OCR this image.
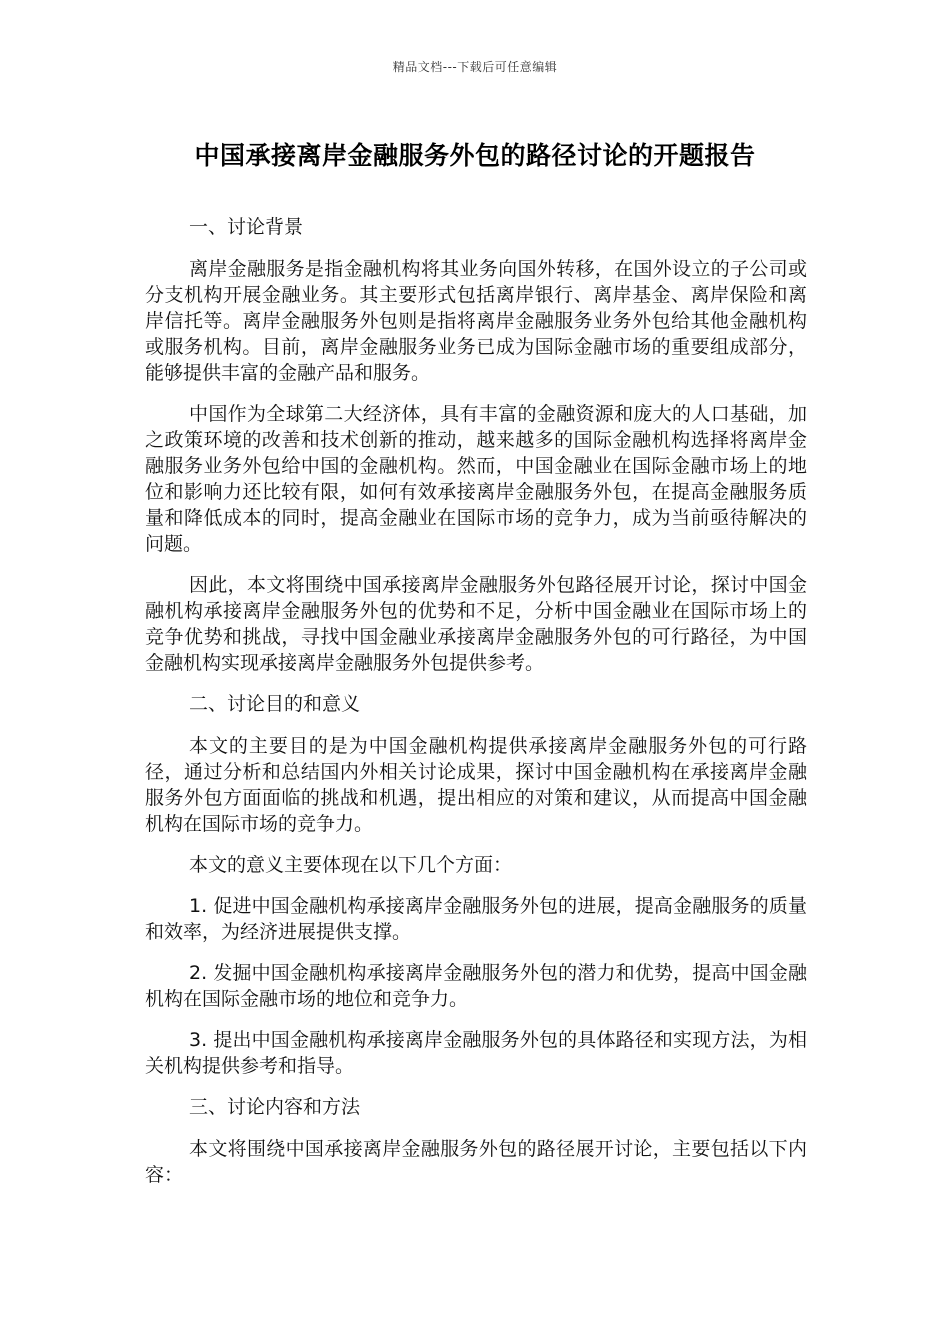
精品文档---下载后可任意编辑
中国承接离岸金融服务外包的路径讨论的开题报告

一、讨论背景

离岸金融服务是指金融机构将其业务向国外转移，在国外设立的子公司或分支机构开展金融业务。其主要形式包括离岸银行、离岸基金、离岸保险和离岸信托等。离岸金融服务外包则是指将离岸金融服务业务外包给其他金融机构或服务机构。目前，离岸金融服务业务已成为国际金融市场的重要组成部分，能够提供丰富的金融产品和服务。

中国作为全球第二大经济体，具有丰富的金融资源和庞大的人口基础，加之政策环境的改善和技术创新的推动，越来越多的国际金融机构选择将离岸金融服务业务外包给中国的金融机构。然而，中国金融业在国际金融市场上的地位和影响力还比较有限，如何有效承接离岸金融服务外包，在提高金融服务质量和降低成本的同时，提高金融业在国际市场的竞争力，成为当前亟待解决的问题。

因此，本文将围绕中国承接离岸金融服务外包路径展开讨论，探讨中国金融机构承接离岸金融服务外包的优势和不足，分析中国金融业在国际市场上的竞争优势和挑战，寻找中国金融业承接离岸金融服务外包的可行路径，为中国金融机构实现承接离岸金融服务外包提供参考。

二、讨论目的和意义

本文的主要目的是为中国金融机构提供承接离岸金融服务外包的可行路径，通过分析和总结国内外相关讨论成果，探讨中国金融机构在承接离岸金融服务外包方面面临的挑战和机遇，提出相应的对策和建议，从而提高中国金融机构在国际市场的竞争力。

本文的意义主要体现在以下几个方面：

1. 促进中国金融机构承接离岸金融服务外包的进展，提高金融服务的质量和效率，为经济进展提供支撑。

2. 发掘中国金融机构承接离岸金融服务外包的潜力和优势，提高中国金融机构在国际金融市场的地位和竞争力。

3. 提出中国金融机构承接离岸金融服务外包的具体路径和实现方法，为相关机构提供参考和指导。

三、讨论内容和方法

本文将围绕中国承接离岸金融服务外包的路径展开讨论，主要包括以下内容：
